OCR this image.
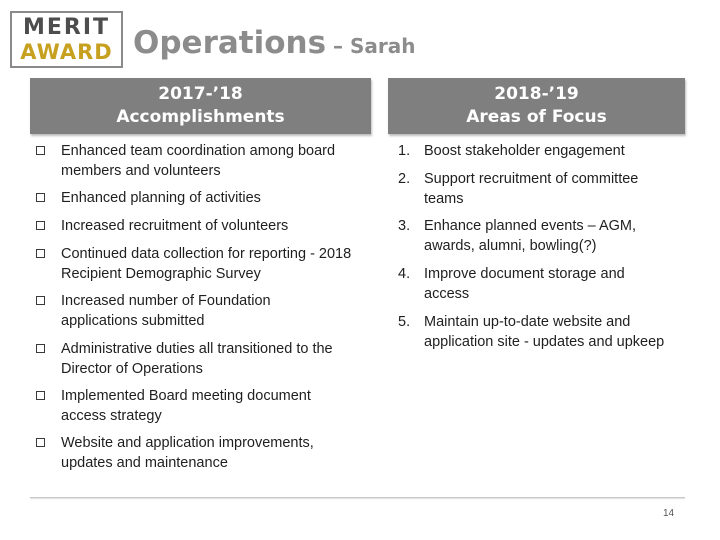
MERIT
AWARD Operations – Sarah
2017-’18
Accomplishments
2018-’19
Areas of Focus
Enhanced team coordination among board members and volunteers
Enhanced planning of activities
Increased recruitment of volunteers
Continued data collection for reporting - 2018 Recipient Demographic Survey
Increased number of Foundation applications submitted
Administrative duties all transitioned to the Director of Operations
Implemented Board meeting document access strategy
Website and application improvements, updates and maintenance
1. Boost stakeholder engagement
2. Support recruitment of committee teams
3. Enhance planned events – AGM, awards, alumni, bowling(?)
4. Improve document storage and access
5. Maintain up-to-date website and application site - updates and upkeep
14
